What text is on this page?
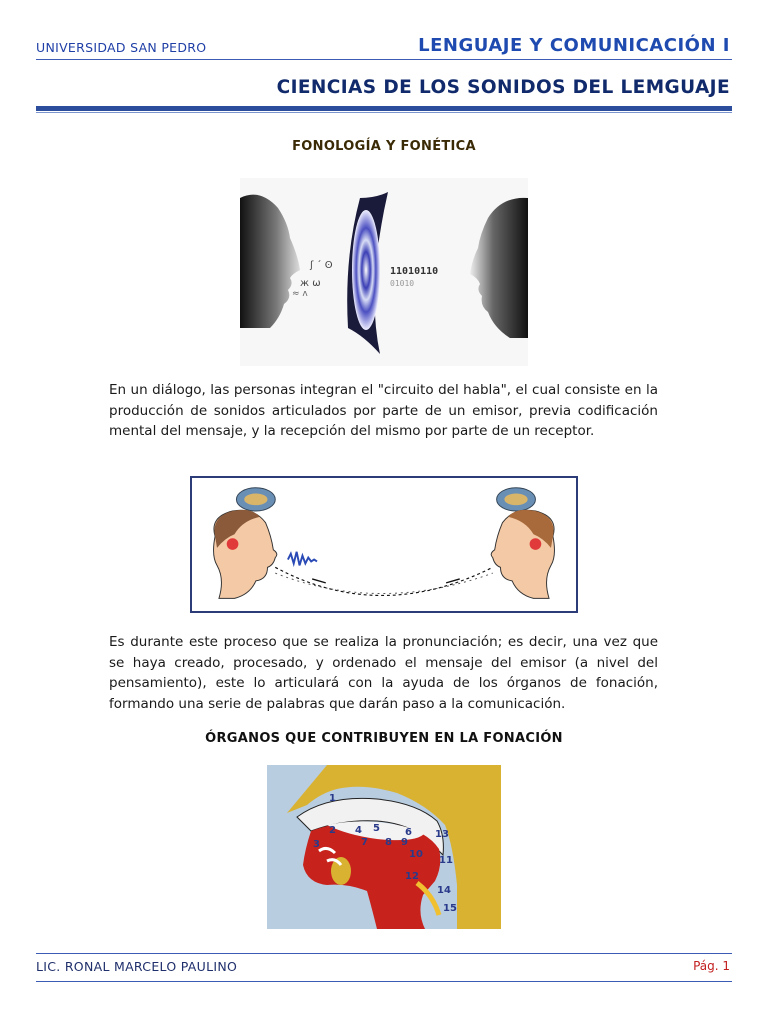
UNIVERSIDAD SAN PEDRO	LENGUAJE Y COMUNICACIÓN I
CIENCIAS DE LOS SONIDOS DEL LEMGUAJE
FONOLOGÍA Y FONÉTICA
ʃ ´ ʘ
ж ω
≈ ʌ
11010110
01010
En un diálogo, las personas integran el "circuito del habla", el cual consiste en la producción de sonidos articulados por parte de un emisor, previa codificación mental del mensaje, y la recepción del mismo por parte de un receptor.
Es durante este proceso que se realiza la pronunciación; es decir, una vez que se haya creado, procesado, y ordenado el mensaje del emisor (a nivel del pensamiento), este lo articulará con la ayuda de los órganos de fonación, formando una serie de palabras que darán paso a la comunicación.
ÓRGANOS QUE CONTRIBUYEN EN LA FONACIÓN
1
2
3
4 5	6
7 8 9
10
11
12
13
14
15
LIC. RONAL MARCELO PAULINO	Pág. 1
